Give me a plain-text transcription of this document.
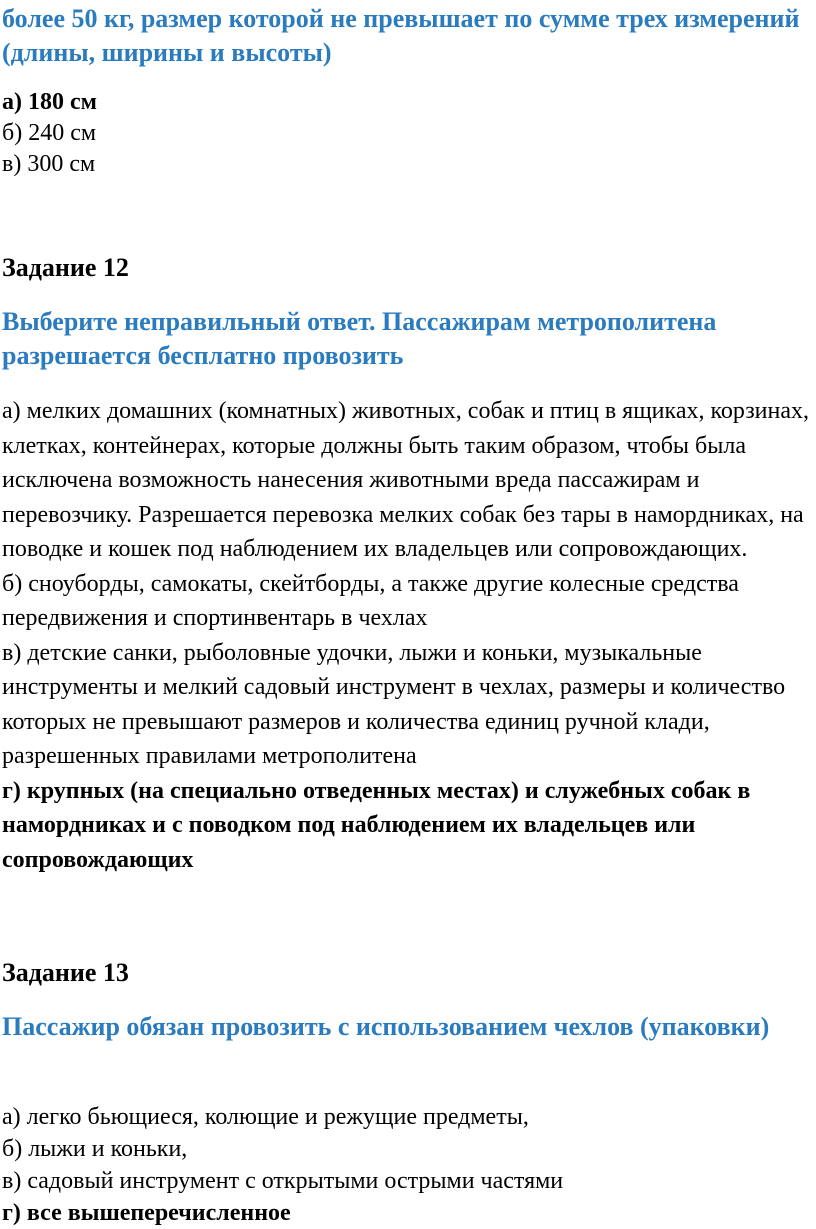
более 50 кг, размер которой не превышает по сумме трех измерений (длины, ширины и высоты)

а) 180 см
б) 240 см
в) 300 см
Задание 12

Выберите неправильный ответ. Пассажирам метрополитена разрешается бесплатно провозить

а) мелких домашних (комнатных) животных, собак и птиц в ящиках, корзинах, клетках, контейнерах, которые должны быть таким образом, чтобы была исключена возможность нанесения животными вреда пассажирам и перевозчику. Разрешается перевозка мелких собак без тары в намордниках, на поводке и кошек под наблюдением их владельцев или сопровождающих.
б) сноуборды, самокаты, скейтборды, а также другие колесные средства передвижения и спортинвентарь в чехлах
в) детские санки, рыболовные удочки, лыжи и коньки, музыкальные инструменты и мелкий садовый инструмент в чехлах, размеры и количество которых не превышают размеров и количества единиц ручной клади, разрешенных правилами метрополитена
г) крупных (на специально отведенных местах) и служебных собак в намордниках и с поводком под наблюдением их владельцев или сопровождающих
Задание 13

Пассажир обязан провозить с использованием чехлов (упаковки)

а) легко бьющиеся, колющие и режущие предметы,
б) лыжи и коньки,
в) садовый инструмент с открытыми острыми частями
г) все вышеперечисленное
